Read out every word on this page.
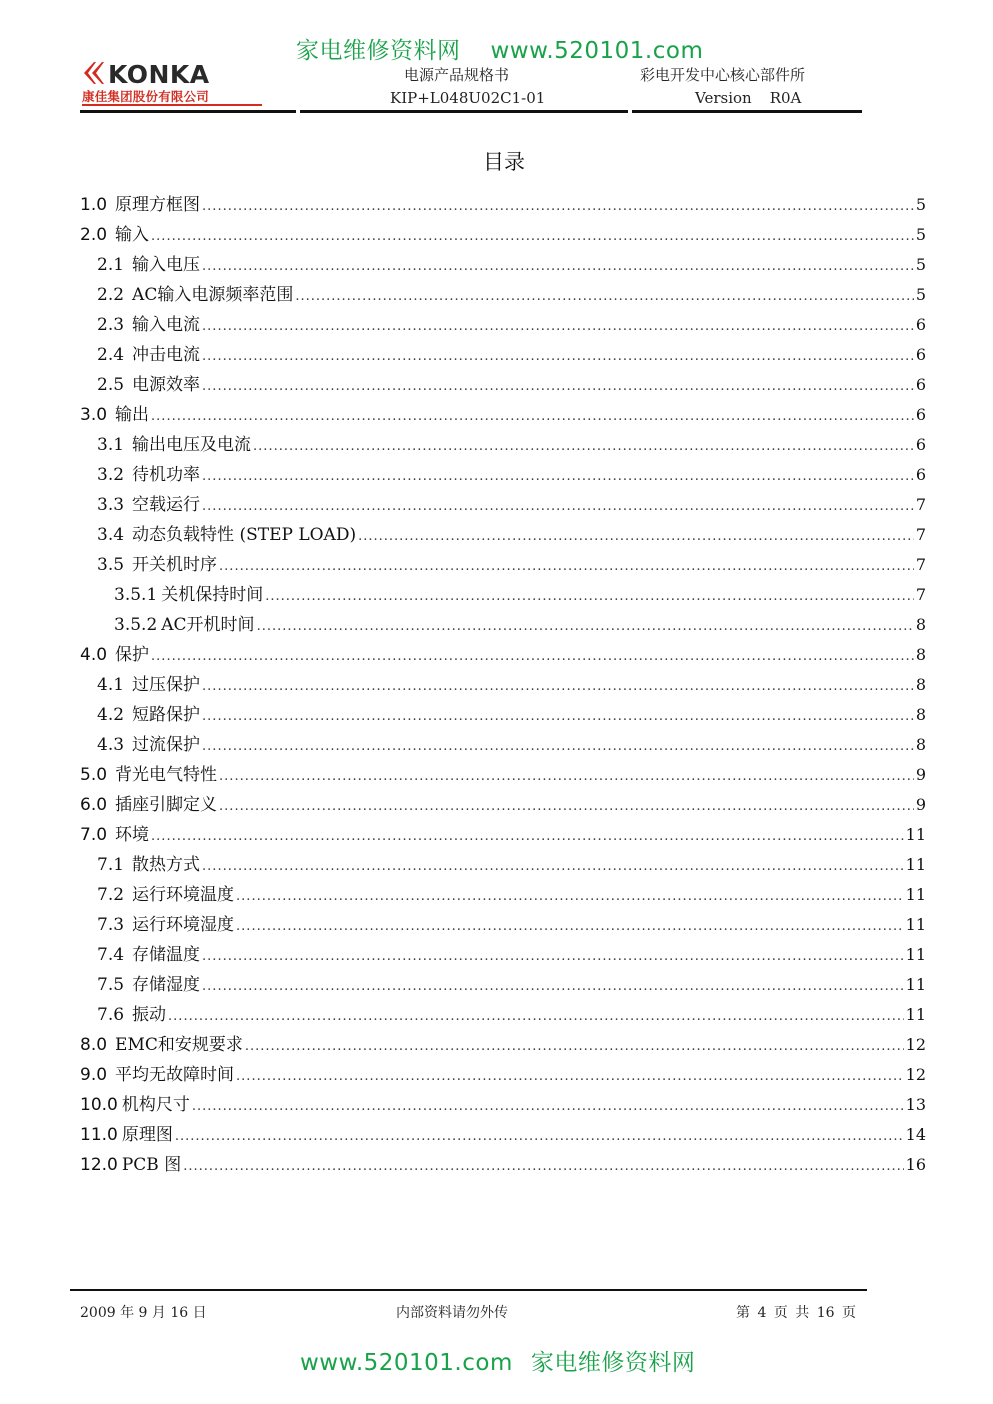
家电维修资料网 www.520101.com
KONKA
康佳集团股份有限公司
电源产品规格书
KIP+L048U02C1-01
彩电开发中心核心部件所
Version R0A
目录
1.0 原理方框图 .....	5
2.0 输入 .....	5
2.1 输入电压 .....	5
2.2 AC输入电源频率范围 .....	5
2.3 输入电流 .....	6
2.4 冲击电流 .....	6
2.5 电源效率 .....	6
3.0 输出 .....	6
3.1 输出电压及电流 .....	6
3.2 待机功率 .....	6
3.3 空载运行 .....	7
3.4 动态负载特性 (STEP LOAD) .....	7
3.5 开关机时序 .....	7
3.5.1 关机保持时间 .....	7
3.5.2 AC开机时间 .....	8
4.0 保护 .....	8
4.1 过压保护 .....	8
4.2 短路保护 .....	8
4.3 过流保护 .....	8
5.0 背光电气特性 .....	9
6.0 插座引脚定义 .....	9
7.0 环境 .....	11
7.1 散热方式 .....	11
7.2 运行环境温度 .....	11
7.3 运行环境湿度 .....	11
7.4 存储温度 .....	11
7.5 存储湿度 .....	11
7.6 振动 .....	11
8.0 EMC和安规要求 .....	12
9.0 平均无故障时间 .....	12
10.0 机构尺寸 .....	13
11.0 原理图 .....	14
12.0 PCB 图 .....	16
2009 年 9 月 16 日	内部资料请勿外传	第 4 页 共 16 页
www.520101.com 家电维修资料网
